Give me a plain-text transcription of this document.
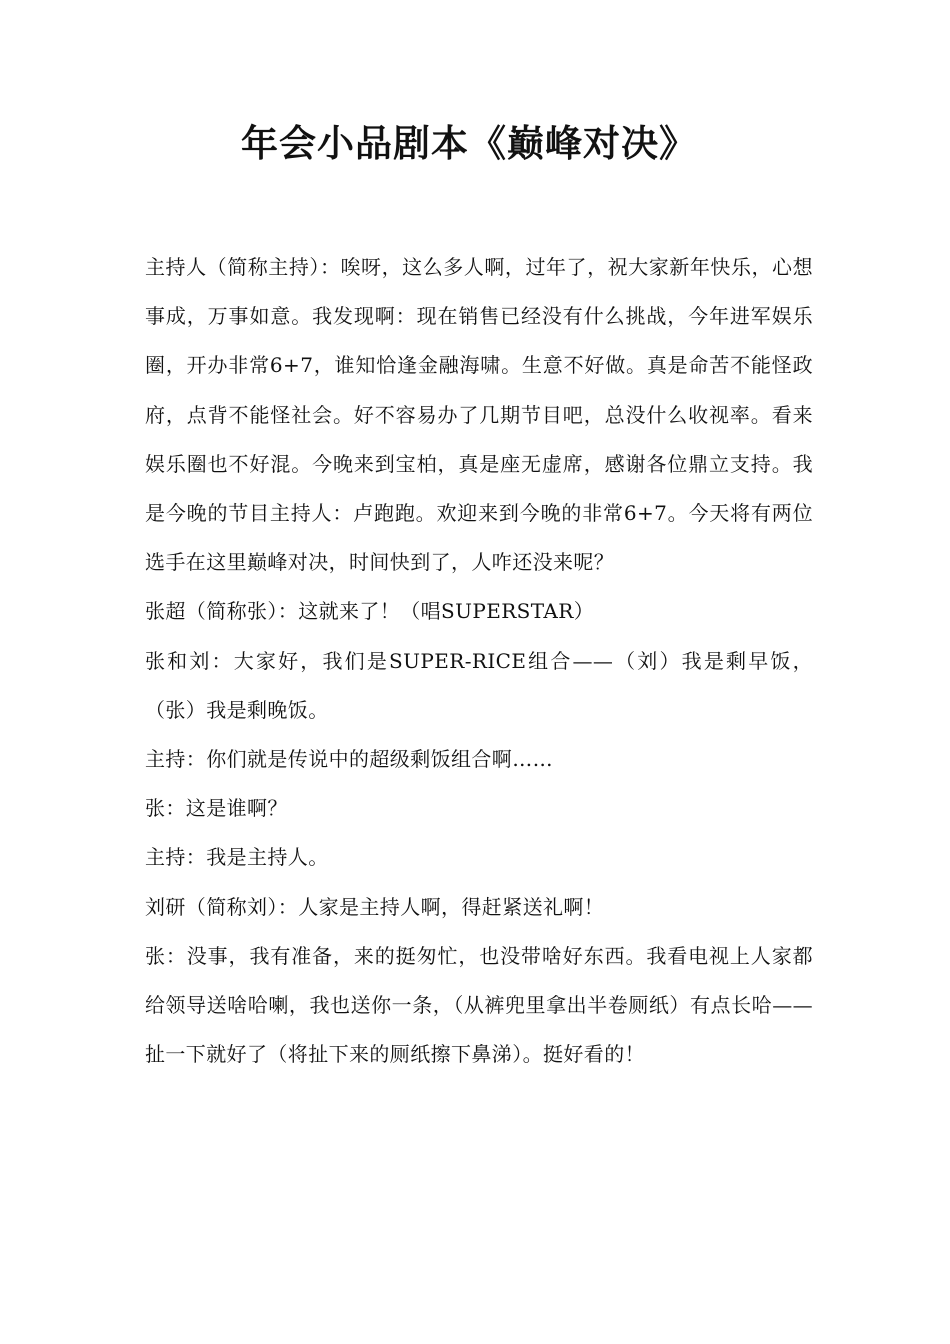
年会小品剧本《巅峰对决》

主持人（简称主持）：唉呀，这么多人啊，过年了，祝大家新年快乐，心想事成，万事如意。我发现啊：现在销售已经没有什么挑战，今年进军娱乐圈，开办非常6+7，谁知恰逢金融海啸。生意不好做。真是命苦不能怪政府，点背不能怪社会。好不容易办了几期节目吧，总没什么收视率。看来娱乐圈也不好混。今晚来到宝柏，真是座无虚席，感谢各位鼎立支持。我是今晚的节目主持人：卢跑跑。欢迎来到今晚的非常6+7。今天将有两位选手在这里巅峰对决，时间快到了，人咋还没来呢？

张超（简称张）：这就来了！（唱SUPERSTAR）

张和刘：大家好，我们是SUPER-RICE组合——（刘）我是剩早饭，（张）我是剩晚饭。

主持：你们就是传说中的超级剩饭组合啊……

张：这是谁啊？

主持：我是主持人。

刘研（简称刘）：人家是主持人啊，得赶紧送礼啊！

张：没事，我有准备，来的挺匆忙，也没带啥好东西。我看电视上人家都给领导送啥哈喇，我也送你一条，（从裤兜里拿出半卷厕纸）有点长哈——扯一下就好了（将扯下来的厕纸擦下鼻涕）。挺好看的！
